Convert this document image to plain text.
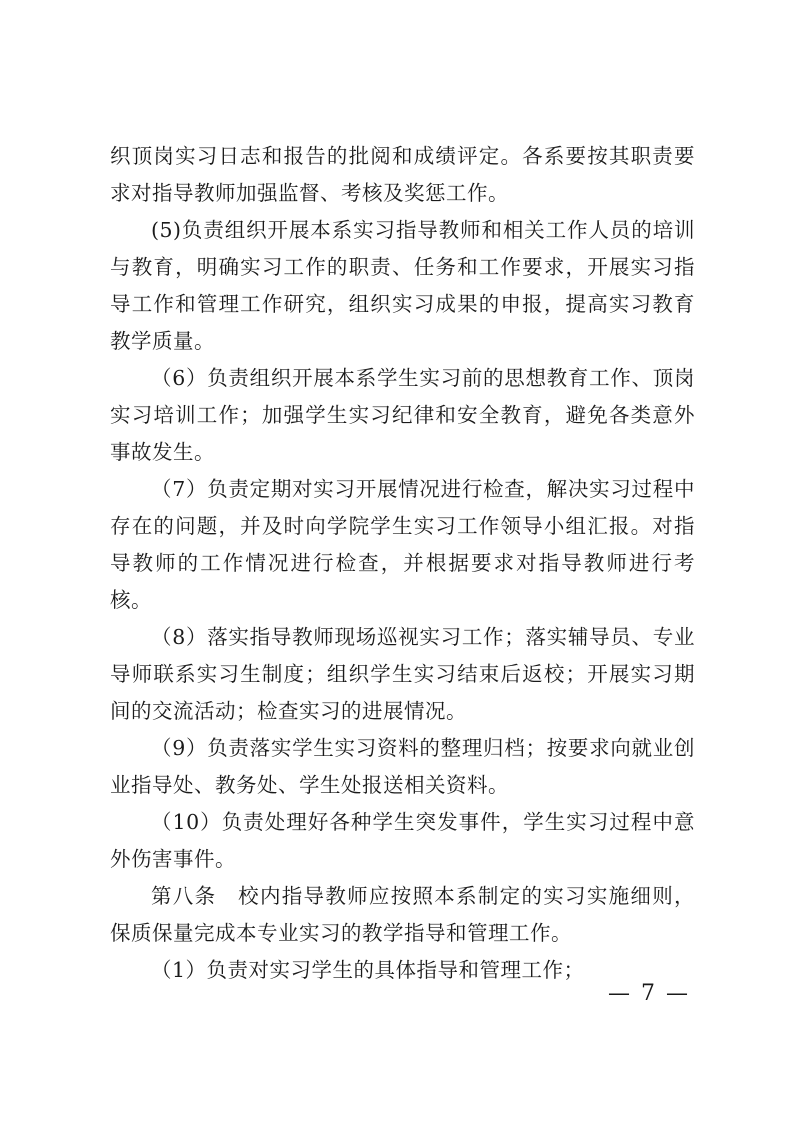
织顶岗实习日志和报告的批阅和成绩评定。各系要按其职责要求对指导教师加强监督、考核及奖惩工作。

(5)负责组织开展本系实习指导教师和相关工作人员的培训与教育，明确实习工作的职责、任务和工作要求，开展实习指导工作和管理工作研究，组织实习成果的申报，提高实习教育教学质量。

（6）负责组织开展本系学生实习前的思想教育工作、顶岗实习培训工作；加强学生实习纪律和安全教育，避免各类意外事故发生。

（7）负责定期对实习开展情况进行检查，解决实习过程中存在的问题，并及时向学院学生实习工作领导小组汇报。对指导教师的工作情况进行检查，并根据要求对指导教师进行考核。

（8）落实指导教师现场巡视实习工作；落实辅导员、专业导师联系实习生制度；组织学生实习结束后返校；开展实习期间的交流活动；检查实习的进展情况。

（9）负责落实学生实习资料的整理归档；按要求向就业创业指导处、教务处、学生处报送相关资料。

（10）负责处理好各种学生突发事件，学生实习过程中意外伤害事件。

第八条　校内指导教师应按照本系制定的实习实施细则，保质保量完成本专业实习的教学指导和管理工作。

（1）负责对实习学生的具体指导和管理工作；

— 7 —
